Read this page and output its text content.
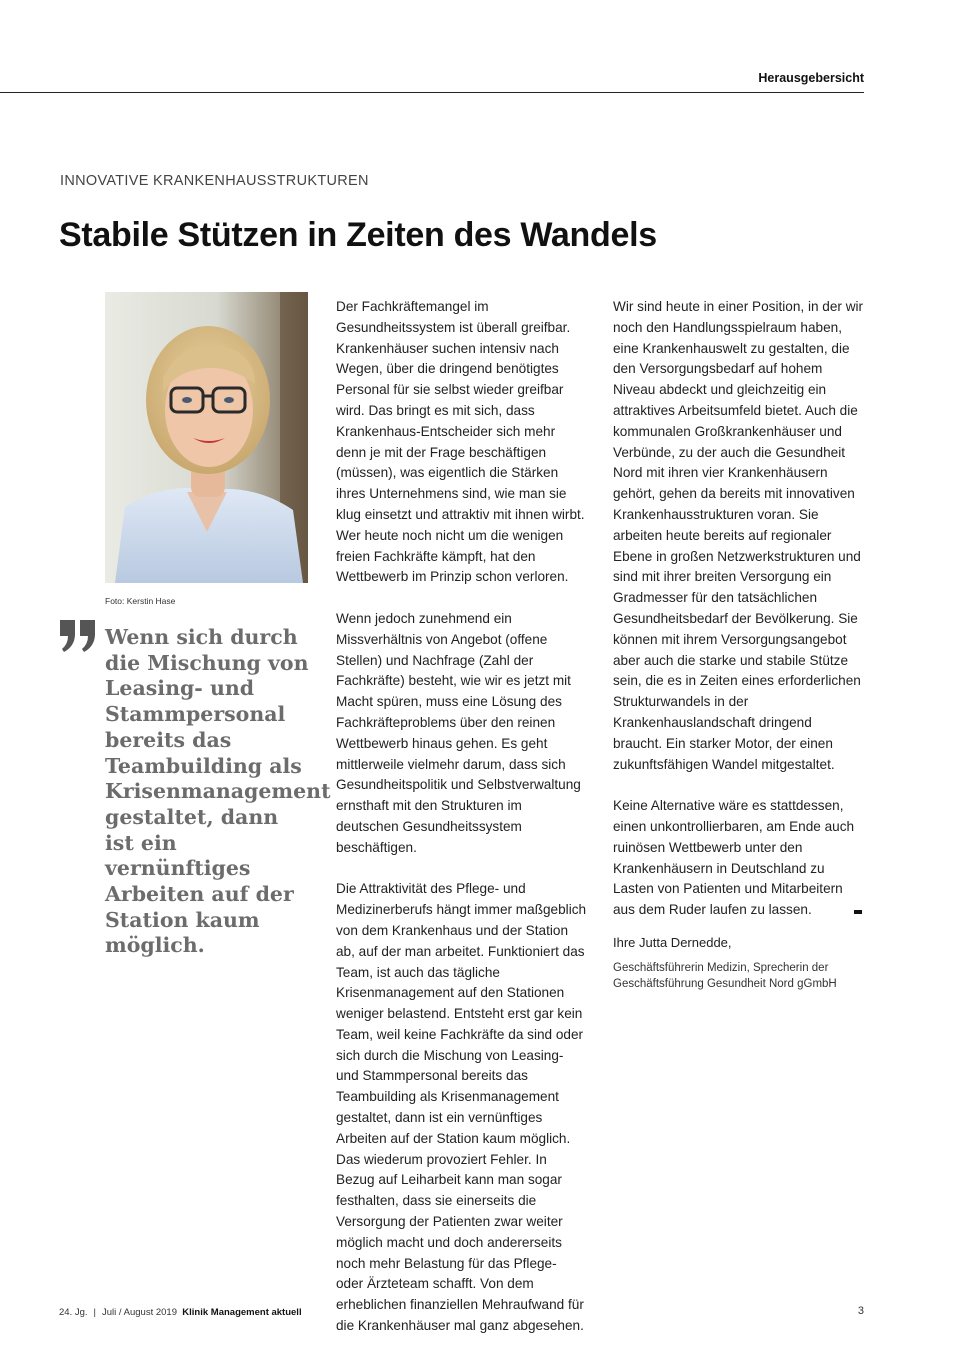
Herausgebersicht
INNOVATIVE KRANKENHAUSSTRUKTUREN
Stabile Stützen in Zeiten des Wandels
Foto: Kerstin Hase

Wenn sich durch die Mischung von Leasing- und Stammpersonal bereits das Teambuilding als Krisenmanagement gestaltet, dann ist ein vernünftiges Arbeiten auf der Station kaum möglich.

Der Fachkräftemangel im Gesundheitssystem ist überall greifbar. Krankenhäuser suchen intensiv nach Wegen, über die dringend benötigtes Personal für sie selbst wieder greifbar wird. Das bringt es mit sich, dass Krankenhaus-Entscheider sich mehr denn je mit der Frage beschäftigen (müssen), was eigentlich die Stärken ihres Unternehmens sind, wie man sie klug einsetzt und attraktiv mit ihnen wirbt. Wer heute noch nicht um die wenigen freien Fachkräfte kämpft, hat den Wettbewerb im Prinzip schon verloren.

Wenn jedoch zunehmend ein Missverhältnis von Angebot (offene Stellen) und Nachfrage (Zahl der Fachkräfte) besteht, wie wir es jetzt mit Macht spüren, muss eine Lösung des Fachkräfteproblems über den reinen Wettbewerb hinaus gehen. Es geht mittlerweile vielmehr darum, dass sich Gesundheitspolitik und Selbstverwaltung ernsthaft mit den Strukturen im deutschen Gesundheitssystem beschäftigen.

Die Attraktivität des Pflege- und Medizinerberufs hängt immer maßgeblich von dem Krankenhaus und der Station ab, auf der man arbeitet. Funktioniert das Team, ist auch das tägliche Krisenmanagement auf den Stationen weniger belastend. Entsteht erst gar kein Team, weil keine Fachkräfte da sind oder sich durch die Mischung von Leasing- und Stammpersonal bereits das Teambuilding als Krisenmanagement gestaltet, dann ist ein vernünftiges Arbeiten auf der Station kaum möglich. Das wiederum provoziert Fehler. In Bezug auf Leiharbeit kann man sogar festhalten, dass sie einerseits die Versorgung der Patienten zwar weiter möglich macht und doch andererseits noch mehr Belastung für das Pflege- oder Ärzteteam schafft. Von dem erheblichen finanziellen Mehraufwand für die Krankenhäuser mal ganz abgesehen.

Wir sind heute in einer Position, in der wir noch den Handlungsspielraum haben, eine Krankenhauswelt zu gestalten, die den Versorgungsbedarf auf hohem Niveau abdeckt und gleichzeitig ein attraktives Arbeitsumfeld bietet. Auch die kommunalen Großkrankenhäuser und Verbünde, zu der auch die Gesundheit Nord mit ihren vier Krankenhäusern gehört, gehen da bereits mit innovativen Krankenhausstrukturen voran. Sie arbeiten heute bereits auf regionaler Ebene in großen Netzwerkstrukturen und sind mit ihrer breiten Versorgung ein Gradmesser für den tatsächlichen Gesundheitsbedarf der Bevölkerung. Sie können mit ihrem Versorgungsangebot aber auch die starke und stabile Stütze sein, die es in Zeiten eines erforderlichen Strukturwandels in der Krankenhauslandschaft dringend braucht. Ein starker Motor, der einen zukunftsfähigen Wandel mitgestaltet.

Keine Alternative wäre es stattdessen, einen unkontrollierbaren, am Ende auch ruinösen Wettbewerb unter den Krankenhäusern in Deutschland zu Lasten von Patienten und Mitarbeitern aus dem Ruder laufen zu lassen.

Ihre Jutta Dernedde,
Geschäftsführerin Medizin, Sprecherin der Geschäftsführung Gesundheit Nord gGmbH
24. Jg. | Juli / August 2019 Klinik Management aktuell	3
